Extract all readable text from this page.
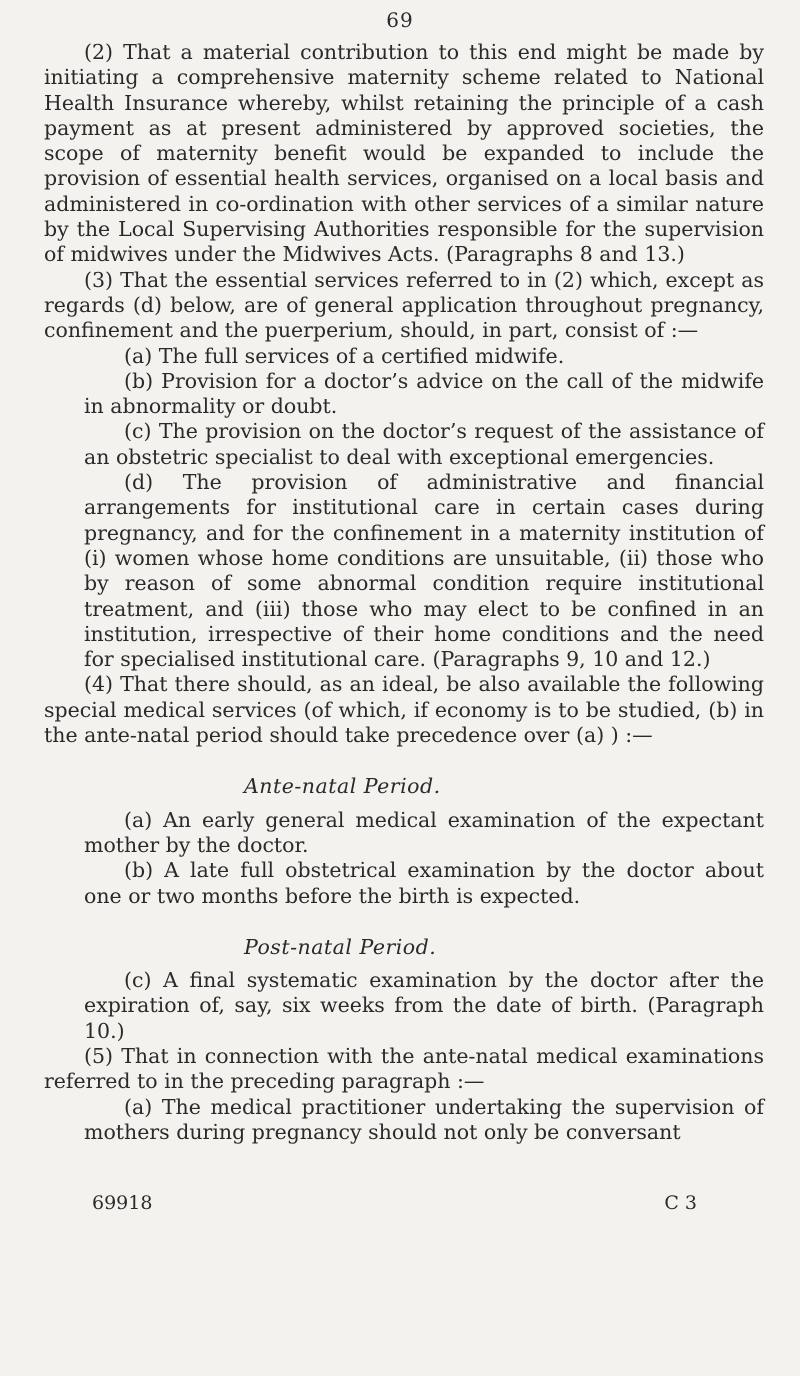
69

(2) That a material contribution to this end might be made by initiating a comprehensive maternity scheme related to National Health Insurance whereby, whilst retaining the principle of a cash payment as at present administered by approved societies, the scope of maternity benefit would be expanded to include the provision of essential health services, organised on a local basis and administered in co-ordination with other services of a similar nature by the Local Supervising Authorities responsible for the supervision of midwives under the Midwives Acts. (Paragraphs 8 and 13.)

(3) That the essential services referred to in (2) which, except as regards (d) below, are of general application throughout pregnancy, confinement and the puerperium, should, in part, consist of :—

(a) The full services of a certified midwife.

(b) Provision for a doctor’s advice on the call of the midwife in abnormality or doubt.

(c) The provision on the doctor’s request of the assistance of an obstetric specialist to deal with exceptional emergencies.

(d) The provision of administrative and financial arrangements for institutional care in certain cases during pregnancy, and for the confinement in a maternity institution of (i) women whose home conditions are unsuitable, (ii) those who by reason of some abnormal condition require institutional treatment, and (iii) those who may elect to be confined in an institution, irrespective of their home conditions and the need for specialised institutional care. (Paragraphs 9, 10 and 12.)

(4) That there should, as an ideal, be also available the following special medical services (of which, if economy is to be studied, (b) in the ante-natal period should take precedence over (a) ) :—

Ante-natal Period.

(a) An early general medical examination of the expectant mother by the doctor.

(b) A late full obstetrical examination by the doctor about one or two months before the birth is expected.

Post-natal Period.

(c) A final systematic examination by the doctor after the expiration of, say, six weeks from the date of birth. (Paragraph 10.)

(5) That in connection with the ante-natal medical examinations referred to in the preceding paragraph :—

(a) The medical practitioner undertaking the supervision of mothers during pregnancy should not only be conversant

69918	C 3
